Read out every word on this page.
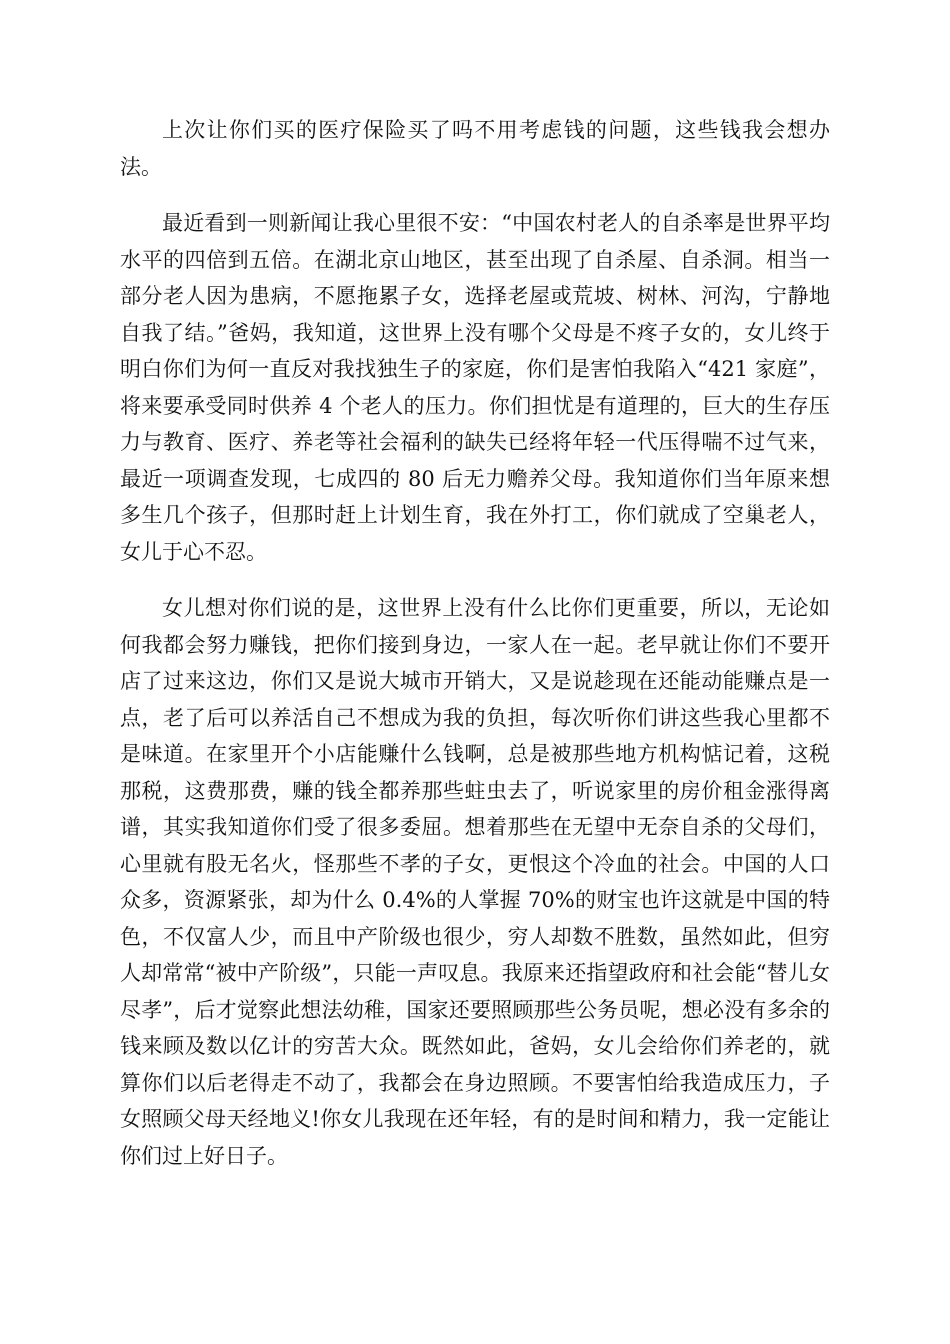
上次让你们买的医疗保险买了吗不用考虑钱的问题，这些钱我会想办法。

最近看到一则新闻让我心里很不安：“中国农村老人的自杀率是世界平均水平的四倍到五倍。在湖北京山地区，甚至出现了自杀屋、自杀洞。相当一部分老人因为患病，不愿拖累子女，选择老屋或荒坡、树林、河沟，宁静地自我了结。”爸妈，我知道，这世界上没有哪个父母是不疼子女的，女儿终于明白你们为何一直反对我找独生子的家庭，你们是害怕我陷入“421 家庭”，将来要承受同时供养 4 个老人的压力。你们担忧是有道理的，巨大的生存压力与教育、医疗、养老等社会福利的缺失已经将年轻一代压得喘不过气来，最近一项调查发现，七成四的 80 后无力赡养父母。我知道你们当年原来想多生几个孩子，但那时赶上计划生育，我在外打工，你们就成了空巢老人，女儿于心不忍。

女儿想对你们说的是，这世界上没有什么比你们更重要，所以，无论如何我都会努力赚钱，把你们接到身边，一家人在一起。老早就让你们不要开店了过来这边，你们又是说大城市开销大，又是说趁现在还能动能赚点是一点，老了后可以养活自己不想成为我的负担，每次听你们讲这些我心里都不是味道。在家里开个小店能赚什么钱啊，总是被那些地方机构惦记着，这税那税，这费那费，赚的钱全都养那些蛀虫去了，听说家里的房价租金涨得离谱，其实我知道你们受了很多委屈。想着那些在无望中无奈自杀的父母们，心里就有股无名火，怪那些不孝的子女，更恨这个冷血的社会。中国的人口众多，资源紧张，却为什么 0.4%的人掌握 70%的财宝也许这就是中国的特色，不仅富人少，而且中产阶级也很少，穷人却数不胜数，虽然如此，但穷人却常常“被中产阶级”，只能一声叹息。我原来还指望政府和社会能“替儿女尽孝”，后才觉察此想法幼稚，国家还要照顾那些公务员呢，想必没有多余的钱来顾及数以亿计的穷苦大众。既然如此，爸妈，女儿会给你们养老的，就算你们以后老得走不动了，我都会在身边照顾。不要害怕给我造成压力，子女照顾父母天经地义!你女儿我现在还年轻，有的是时间和精力，我一定能让你们过上好日子。
